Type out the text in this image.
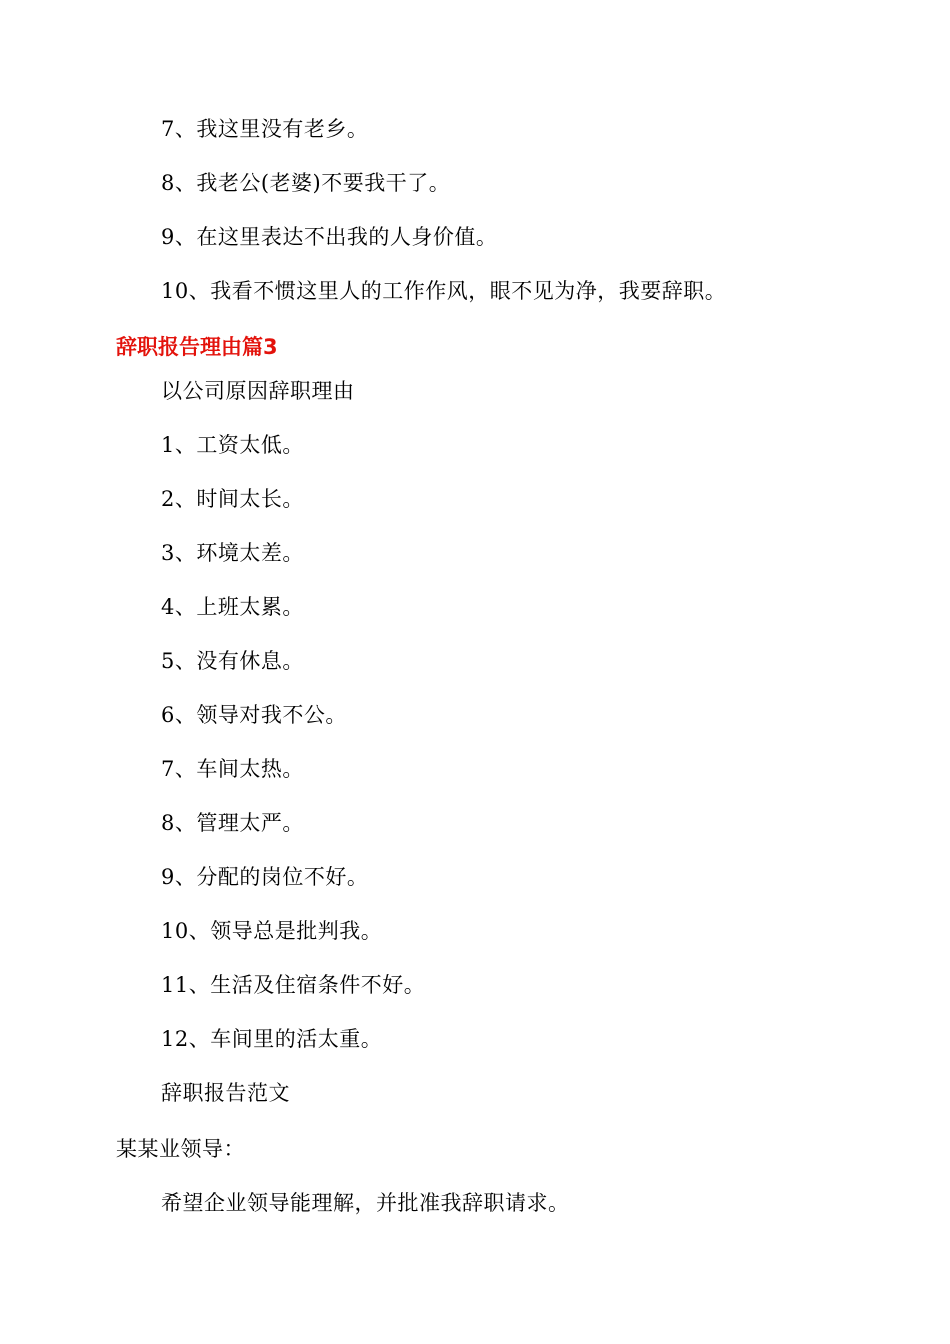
7、我这里没有老乡。
8、我老公(老婆)不要我干了。
9、在这里表达不出我的人身价值。
10、我看不惯这里人的工作作风，眼不见为净，我要辞职。
辞职报告理由篇3
以公司原因辞职理由
1、工资太低。
2、时间太长。
3、环境太差。
4、上班太累。
5、没有休息。
6、领导对我不公。
7、车间太热。
8、管理太严。
9、分配的岗位不好。
10、领导总是批判我。
11、生活及住宿条件不好。
12、车间里的活太重。
辞职报告范文
某某业领导：
希望企业领导能理解，并批准我辞职请求。
